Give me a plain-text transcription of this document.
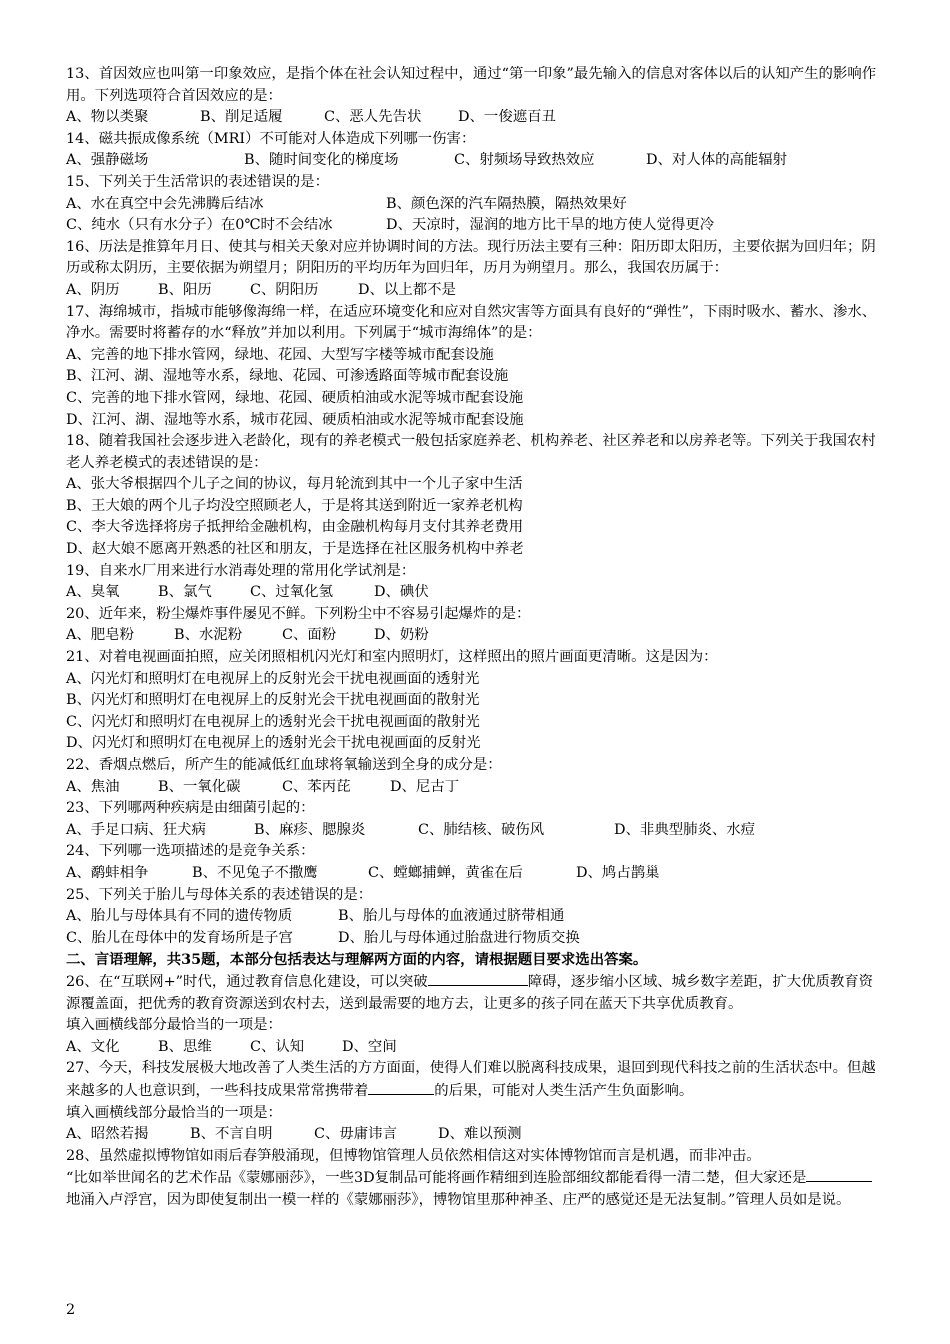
13、首因效应也叫第一印象效应，是指个体在社会认知过程中，通过“第一印象”最先输入的信息对客体以后的认知产生的影响作用。下列选项符合首因效应的是：
A、物以类聚	B、削足适履	C、恶人先告状	D、一俊遮百丑
14、磁共振成像系统（MRI）不可能对人体造成下列哪一伤害：
A、强静磁场	B、随时间变化的梯度场	C、射频场导致热效应	D、对人体的高能辐射
15、下列关于生活常识的表述错误的是：
A、水在真空中会先沸腾后结冰	B、颜色深的汽车隔热膜，隔热效果好
C、纯水（只有水分子）在0℃时不会结冰	D、天凉时，湿润的地方比干旱的地方使人觉得更冷
16、历法是推算年月日、使其与相关天象对应并协调时间的方法。现行历法主要有三种：阳历即太阳历，主要依据为回归年；阴历或称太阴历，主要依据为朔望月；阴阳历的平均历年为回归年，历月为朔望月。那么，我国农历属于：
A、阴历	B、阳历	C、阴阳历	D、以上都不是
17、海绵城市，指城市能够像海绵一样，在适应环境变化和应对自然灾害等方面具有良好的“弹性”，下雨时吸水、蓄水、渗水、净水。需要时将蓄存的水“释放”并加以利用。下列属于“城市海绵体”的是：
A、完善的地下排水管网，绿地、花园、大型写字楼等城市配套设施
B、江河、湖、湿地等水系，绿地、花园、可渗透路面等城市配套设施
C、完善的地下排水管网，绿地、花园、硬质柏油或水泥等城市配套设施
D、江河、湖、湿地等水系，城市花园、硬质柏油或水泥等城市配套设施
18、随着我国社会逐步进入老龄化，现有的养老模式一般包括家庭养老、机构养老、社区养老和以房养老等。下列关于我国农村老人养老模式的表述错误的是：
A、张大爷根据四个儿子之间的协议，每月轮流到其中一个儿子家中生活
B、王大娘的两个儿子均没空照顾老人，于是将其送到附近一家养老机构
C、李大爷选择将房子抵押给金融机构，由金融机构每月支付其养老费用
D、赵大娘不愿离开熟悉的社区和朋友，于是选择在社区服务机构中养老
19、自来水厂用来进行水消毒处理的常用化学试剂是：
A、臭氧	B、氯气	C、过氧化氢	D、碘伏
20、近年来，粉尘爆炸事件屡见不鲜。下列粉尘中不容易引起爆炸的是：
A、肥皂粉	B、水泥粉	C、面粉	D、奶粉
21、对着电视画面拍照，应关闭照相机闪光灯和室内照明灯，这样照出的照片画面更清晰。这是因为：
A、闪光灯和照明灯在电视屏上的反射光会干扰电视画面的透射光
B、闪光灯和照明灯在电视屏上的反射光会干扰电视画面的散射光
C、闪光灯和照明灯在电视屏上的透射光会干扰电视画面的散射光
D、闪光灯和照明灯在电视屏上的透射光会干扰电视画面的反射光
22、香烟点燃后，所产生的能减低红血球将氧输送到全身的成分是：
A、焦油	B、一氧化碳	C、苯丙芘	D、尼古丁
23、下列哪两种疾病是由细菌引起的：
A、手足口病、狂犬病	B、麻疹、腮腺炎	C、肺结核、破伤风	D、非典型肺炎、水痘
24、下列哪一选项描述的是竞争关系：
A、鹬蚌相争	B、不见兔子不撒鹰	C、螳螂捕蝉，黄雀在后	D、鸠占鹊巢
25、下列关于胎儿与母体关系的表述错误的是：
A、胎儿与母体具有不同的遗传物质	B、胎儿与母体的血液通过脐带相通
C、胎儿在母体中的发育场所是子宫	D、胎儿与母体通过胎盘进行物质交换
二、言语理解，共35题，本部分包括表达与理解两方面的内容，请根据题目要求选出答案。
26、在“互联网+”时代，通过教育信息化建设，可以突破	障碍，逐步缩小区域、城乡数字差距，扩大优质教育资源覆盖面，把优秀的教育资源送到农村去，送到最需要的地方去，让更多的孩子同在蓝天下共享优质教育。
填入画横线部分最恰当的一项是：
A、文化	B、思维	C、认知	D、空间
27、今天，科技发展极大地改善了人类生活的方方面面，使得人们难以脱离科技成果，退回到现代科技之前的生活状态中。但越来越多的人也意识到，一些科技成果常常携带着	的后果，可能对人类生活产生负面影响。
填入画横线部分最恰当的一项是：
A、昭然若揭	B、不言自明	C、毋庸讳言	D、难以预测
28、虽然虚拟博物馆如雨后春笋般涌现，但博物馆管理人员依然相信这对实体博物馆而言是机遇，而非冲击。
“比如举世闻名的艺术作品《蒙娜丽莎》，一些3D复制品可能将画作精细到连脸部细纹都能看得一清二楚，但大家还是地涌入卢浮宫，因为即使复制出一模一样的《蒙娜丽莎》，博物馆里那种神圣、庄严的感觉还是无法复制。”管理人员如是说。
2
